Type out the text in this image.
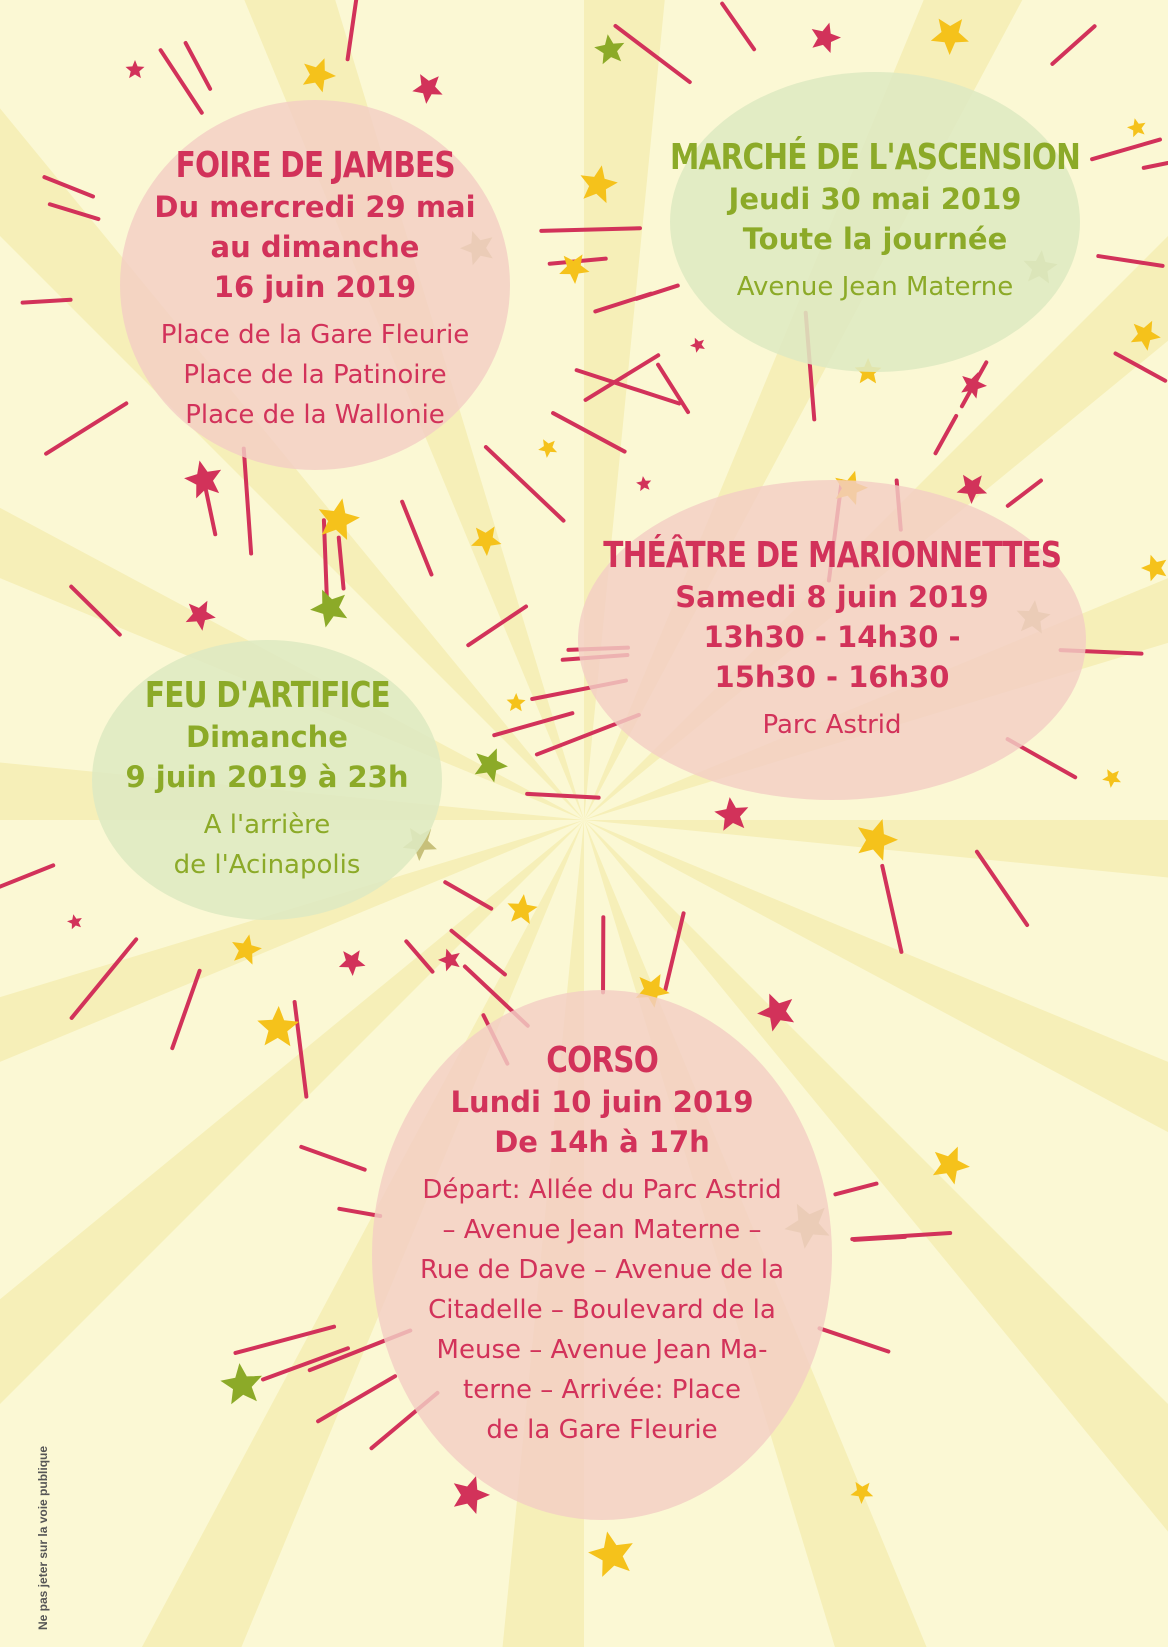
FOIRE DE JAMBES
Du mercredi 29 mai
au dimanche
16 juin 2019
Place de la Gare Fleurie
Place de la Patinoire
Place de la Wallonie
MARCHÉ DE L'ASCENSION
Jeudi 30 mai 2019
Toute la journée
Avenue Jean Materne
THÉÂTRE DE MARIONNETTES
Samedi 8 juin 2019
13h30 - 14h30 -
15h30 - 16h30
Parc Astrid
FEU D'ARTIFICE
Dimanche
9 juin 2019 à 23h
A l'arrière
de l'Acinapolis
CORSO
Lundi 10 juin 2019
De 14h à 17h
Départ: Allée du Parc Astrid
– Avenue Jean Materne –
Rue de Dave – Avenue de la
Citadelle – Boulevard de la
Meuse – Avenue Jean Ma-
terne – Arrivée: Place
de la Gare Fleurie
Ne pas jeter sur la voie publique
